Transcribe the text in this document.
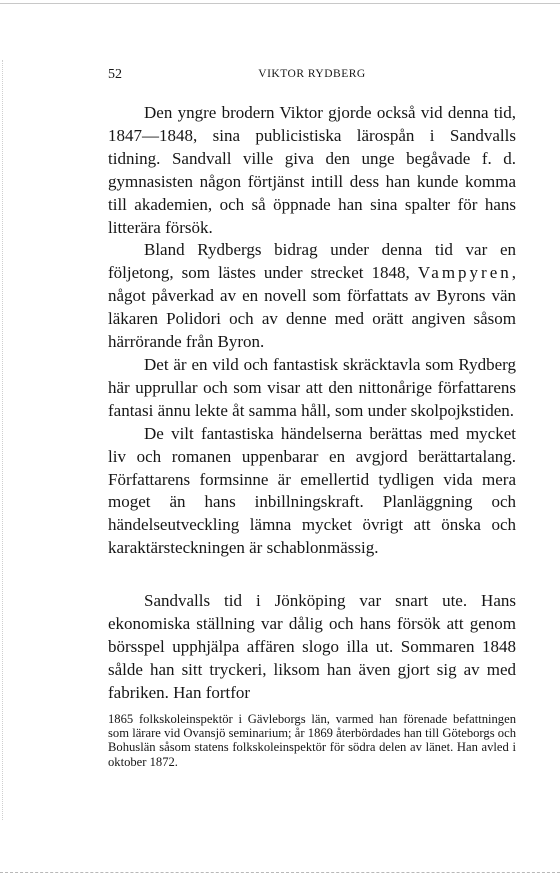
52	VIKTOR RYDBERG

Den yngre brodern Viktor gjorde också vid denna tid, 1847—1848, sina publicistiska lärospån i Sandvalls tidning. Sandvall ville giva den unge begåvade f. d. gymnasisten någon förtjänst intill dess han kunde komma till akademien, och så öppnade han sina spalter för hans litterära försök.

Bland Rydbergs bidrag under denna tid var en följetong, som lästes under strecket 1848, Vampyren, något påverkad av en novell som författats av Byrons vän läkaren Polidori och av denne med orätt angiven såsom härrörande från Byron.

Det är en vild och fantastisk skräcktavla som Rydberg här upprullar och som visar att den nittonårige författarens fantasi ännu lekte åt samma håll, som under skolpojkstiden.

De vilt fantastiska händelserna berättas med mycket liv och romanen uppenbarar en avgjord berättartalang. Författarens formsinne är emellertid tydligen vida mera moget än hans inbillningskraft. Planläggning och händelseutveckling lämna mycket övrigt att önska och karaktärsteckningen är schablonmässig.

Sandvalls tid i Jönköping var snart ute. Hans ekonomiska ställning var dålig och hans försök att genom börsspel upphjälpa affären slogo illa ut. Sommaren 1848 sålde han sitt tryckeri, liksom han även gjort sig av med fabriken. Han fortfor

1865 folkskoleinspektör i Gävleborgs län, varmed han förenade befattningen som lärare vid Ovansjö seminarium; år 1869 återbördades han till Göteborgs och Bohuslän såsom statens folkskoleinspektör för södra delen av länet. Han avled i oktober 1872.
